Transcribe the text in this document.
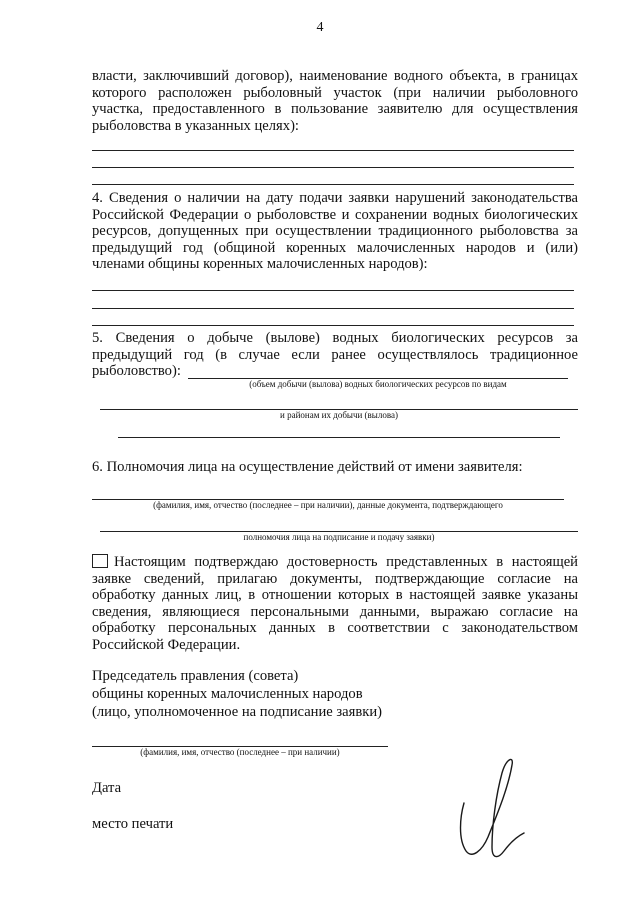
4
власти, заключивший договор), наименование водного объекта, в границах которого расположен рыболовный участок (при наличии рыболовного участка, предоставленного в пользование заявителю для осуществления рыболовства в указанных целях):
4. Сведения о наличии на дату подачи заявки нарушений законодательства Российской Федерации о рыболовстве и сохранении водных биологических ресурсов, допущенных при осуществлении традиционного рыболовства за предыдущий год (общиной коренных малочисленных народов и (или) членами общины коренных малочисленных народов):
5. Сведения о добыче (вылове) водных биологических ресурсов за предыдущий год (в случае если ранее осуществлялось традиционное рыболовство):
(объем добычи (вылова) водных биологических ресурсов по видам
и районам их добычи (вылова)
6. Полномочия лица на осуществление действий от имени заявителя:
(фамилия, имя, отчество (последнее – при наличии), данные документа, подтверждающего
полномочия лица на подписание и подачу заявки)
Настоящим подтверждаю достоверность представленных в настоящей заявке сведений, прилагаю документы, подтверждающие согласие на обработку данных лиц, в отношении которых в настоящей заявке указаны сведения, являющиеся персональными данными, выражаю согласие на обработку персональных данных в соответствии с законодательством Российской Федерации.
Председатель правления (совета)
общины коренных малочисленных народов
(лицо, уполномоченное на подписание заявки)
(фамилия, имя, отчество (последнее – при наличии)
Дата
место печати
